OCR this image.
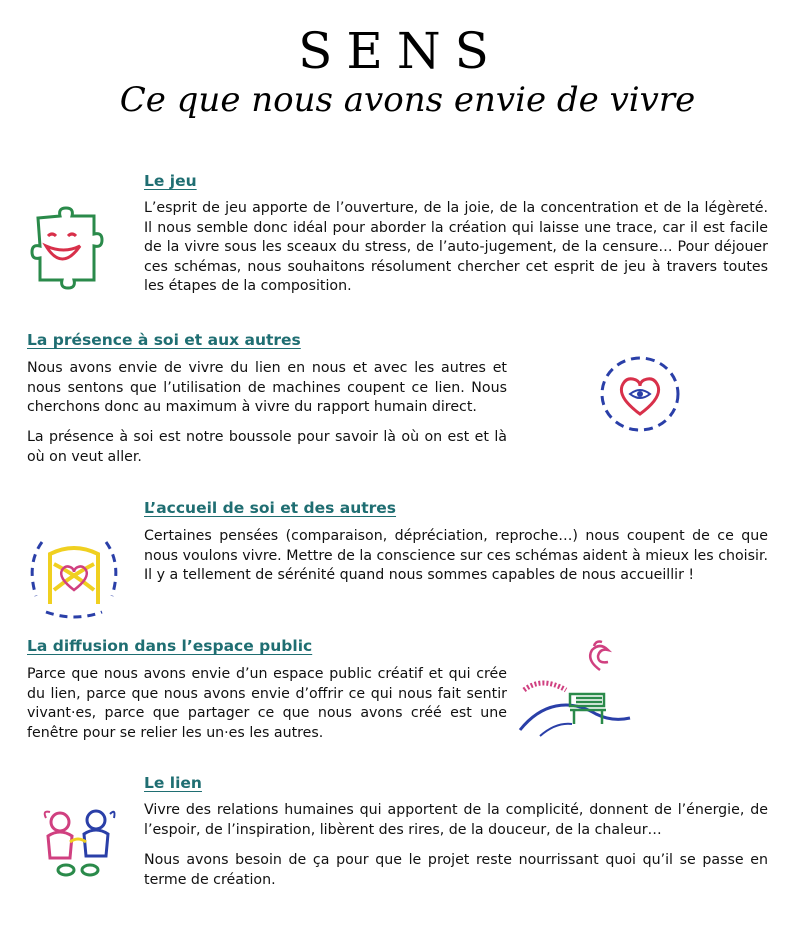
SENS
Ce que nous avons envie de vivre
Le jeu

L’esprit de jeu apporte de l’ouverture, de la joie, de la concentration et de la légèreté. Il nous semble donc idéal pour aborder la création qui laisse une trace, car il est facile de la vivre sous les sceaux du stress, de l’auto-jugement, de la censure… Pour déjouer ces schémas, nous souhaitons résolument chercher cet esprit de jeu à travers toutes les étapes de la composition.

La présence à soi et aux autres

Nous avons envie de vivre du lien en nous et avec les autres et nous sentons que l’utilisation de machines coupent ce lien. Nous cherchons donc au maximum à vivre du rapport humain direct.

La présence à soi est notre boussole pour savoir là où on est et là où on veut aller.

L’accueil de soi et des autres

Certaines pensées (comparaison, dépréciation, reproche…) nous coupent de ce que nous voulons vivre. Mettre de la conscience sur ces schémas aident à mieux les choisir. Il y a tellement de sérénité quand nous sommes capables de nous accueillir !

La diffusion dans l’espace public

Parce que nous avons envie d’un espace public créatif et qui crée du lien, parce que nous avons envie d’offrir ce qui nous fait sentir vivant·es, parce que partager ce que nous avons créé est une fenêtre pour se relier les un·es les autres.

Le lien

Vivre des relations humaines qui apportent de la complicité, donnent de l’énergie, de l’espoir, de l’inspiration, libèrent des rires, de la douceur, de la chaleur…

Nous avons besoin de ça pour que le projet reste nourrissant quoi qu’il se passe en terme de création.
